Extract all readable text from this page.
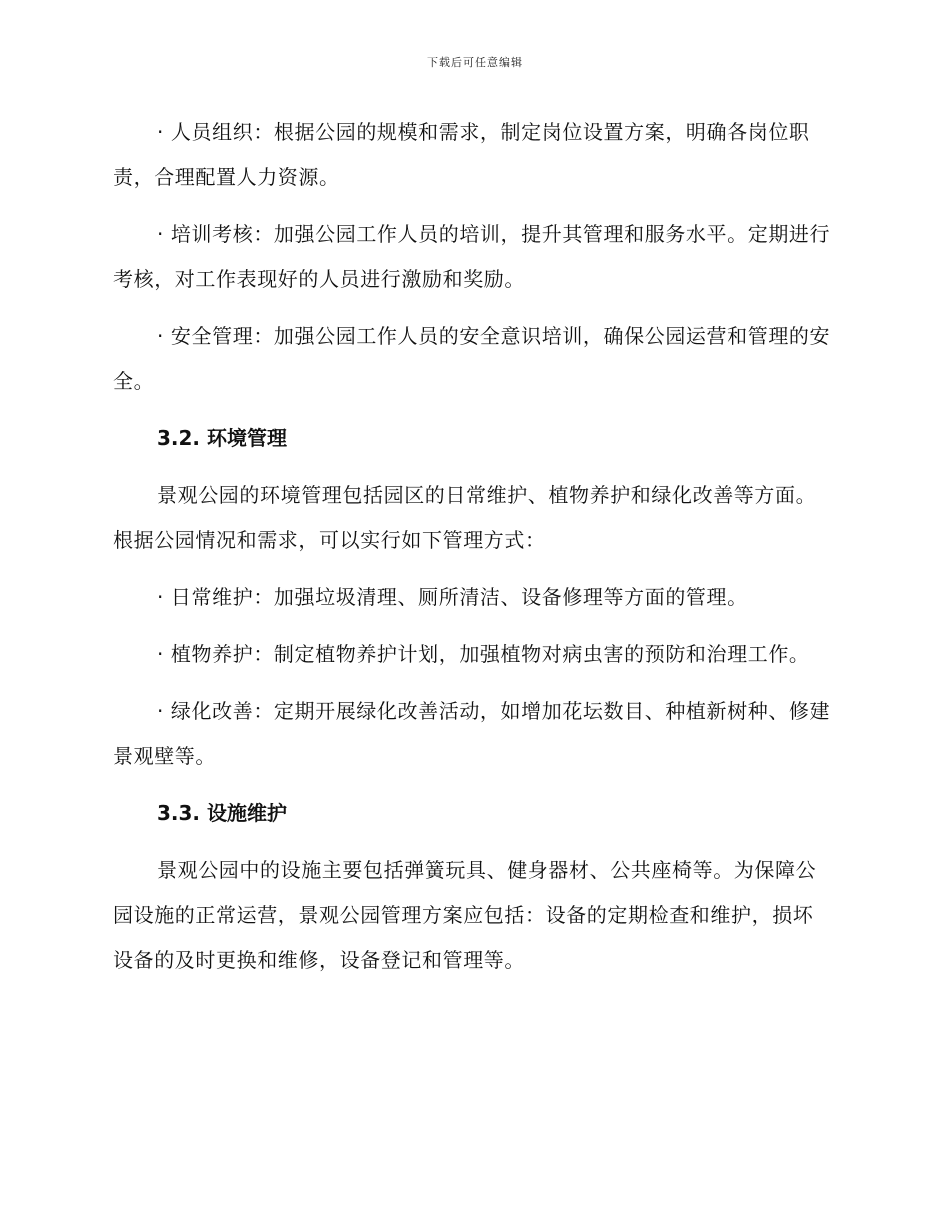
下载后可任意编辑

· 人员组织：根据公园的规模和需求，制定岗位设置方案，明确各岗位职责，合理配置人力资源。

· 培训考核：加强公园工作人员的培训，提升其管理和服务水平。定期进行考核，对工作表现好的人员进行激励和奖励。

· 安全管理：加强公园工作人员的安全意识培训，确保公园运营和管理的安全。

3.2. 环境管理

景观公园的环境管理包括园区的日常维护、植物养护和绿化改善等方面。根据公园情况和需求，可以实行如下管理方式：

· 日常维护：加强垃圾清理、厕所清洁、设备修理等方面的管理。

· 植物养护：制定植物养护计划，加强植物对病虫害的预防和治理工作。

· 绿化改善：定期开展绿化改善活动，如增加花坛数目、种植新树种、修建景观壁等。

3.3. 设施维护

景观公园中的设施主要包括弹簧玩具、健身器材、公共座椅等。为保障公园设施的正常运营，景观公园管理方案应包括：设备的定期检查和维护，损坏设备的及时更换和维修，设备登记和管理等。
